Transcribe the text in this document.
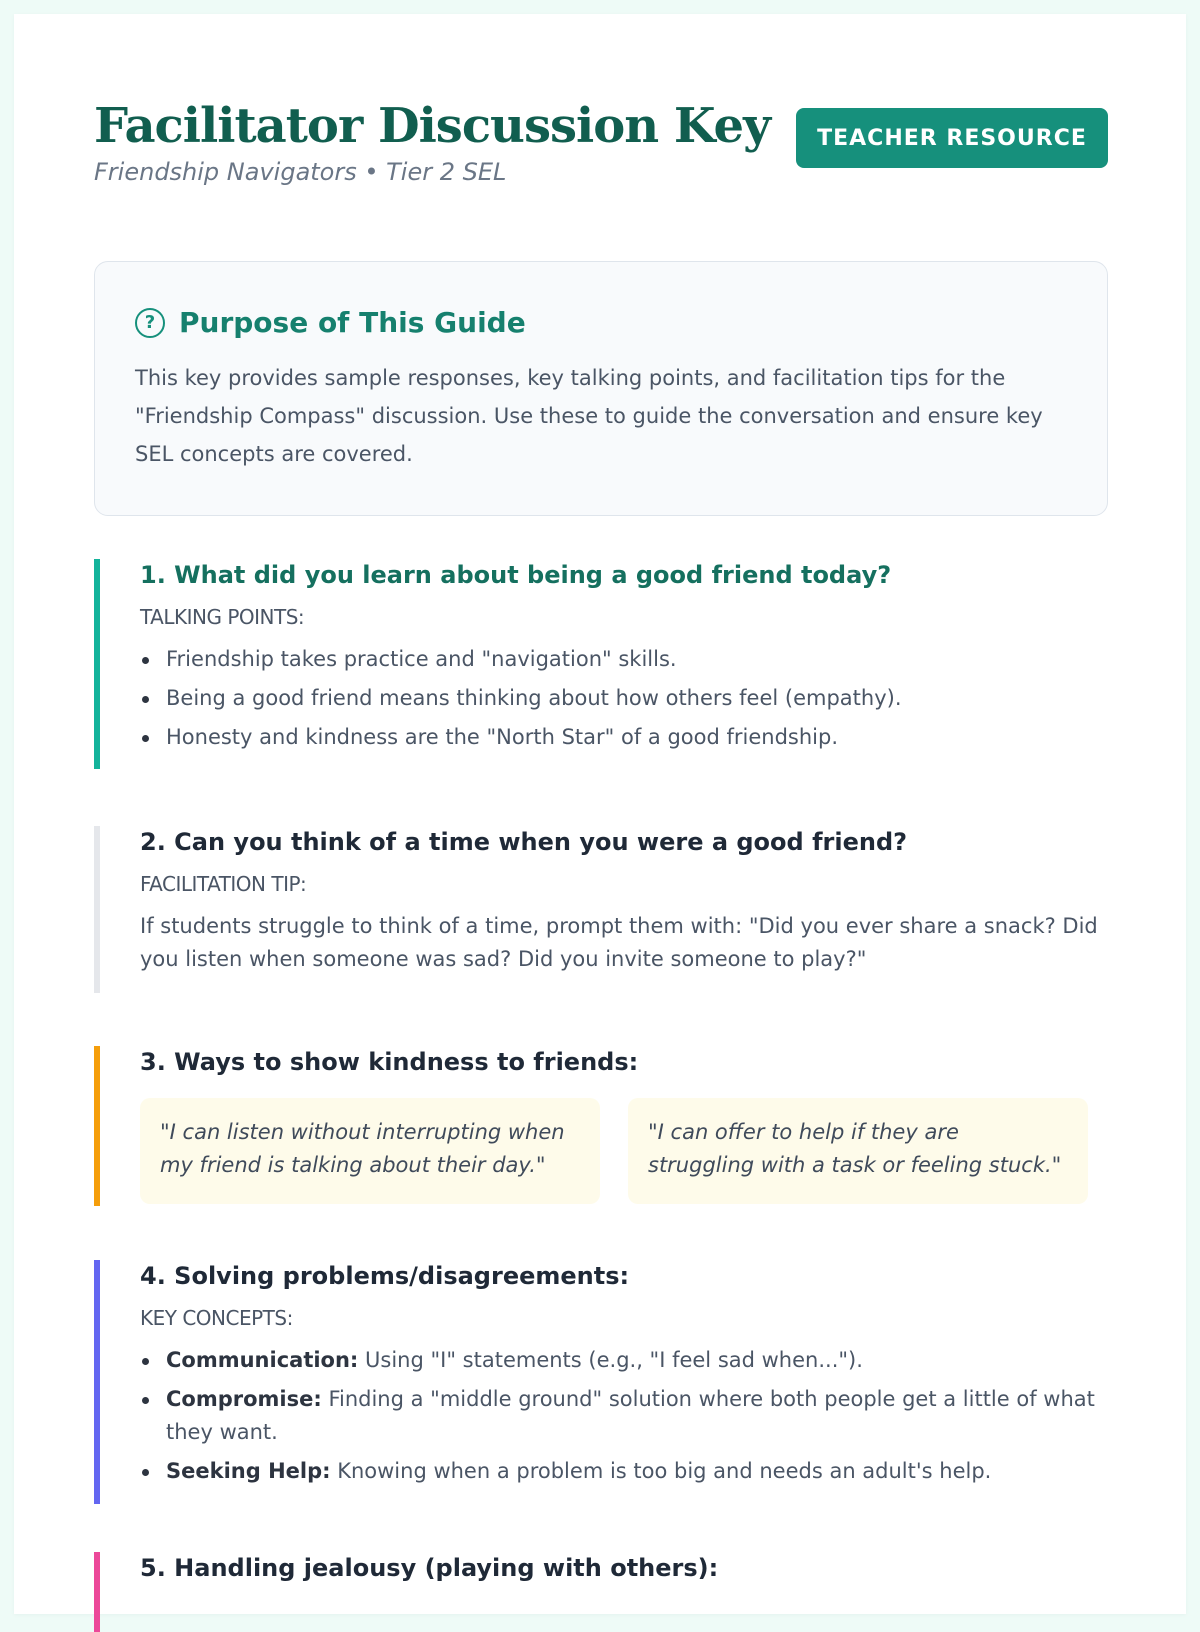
Facilitator Discussion Key
Friendship Navigators • Tier 2 SEL
TEACHER RESOURCE
? Purpose of This Guide

This key provides sample responses, key talking points, and facilitation tips for the "Friendship Compass" discussion. Use these to guide the conversation and ensure key SEL concepts are covered.

1. What did you learn about being a good friend today?
TALKING POINTS:
Friendship takes practice and "navigation" skills.
Being a good friend means thinking about how others feel (empathy).
Honesty and kindness are the "North Star" of a good friendship.
2. Can you think of a time when you were a good friend?
FACILITATION TIP:

If students struggle to think of a time, prompt them with: "Did you ever share a snack? Did you listen when someone was sad? Did you invite someone to play?"

3. Ways to show kindness to friends:
"I can listen without interrupting when my friend is talking about their day."
"I can offer to help if they are struggling with a task or feeling stuck."
4. Solving problems/disagreements:
KEY CONCEPTS:
Communication: Using "I" statements (e.g., "I feel sad when...").
Compromise: Finding a "middle ground" solution where both people get a little of what they want.
Seeking Help: Knowing when a problem is too big and needs an adult's help.
5. Handling jealousy (playing with others):
